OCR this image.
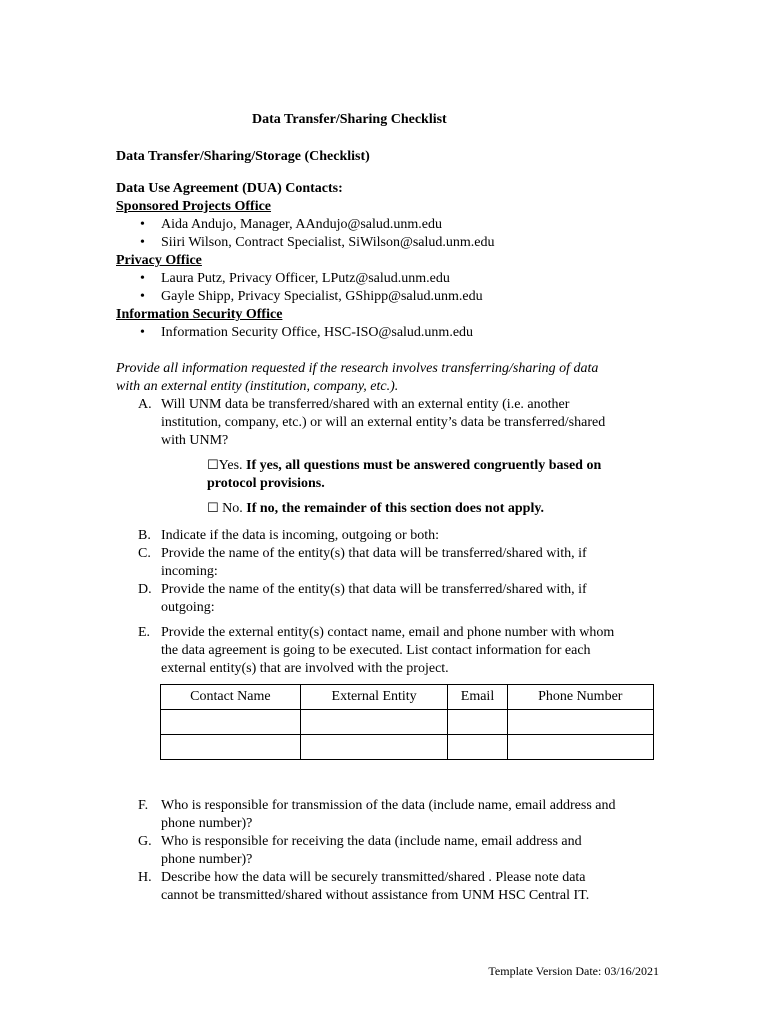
Data Transfer/Sharing Checklist
Data Transfer/Sharing/Storage (Checklist)
Data Use Agreement (DUA) Contacts:
Sponsored Projects Office
• Aida Andujo, Manager, AAndujo@salud.unm.edu
• Siiri Wilson, Contract Specialist, SiWilson@salud.unm.edu
Privacy Office
• Laura Putz, Privacy Officer, LPutz@salud.unm.edu
• Gayle Shipp, Privacy Specialist, GShipp@salud.unm.edu
Information Security Office
• Information Security Office, HSC-ISO@salud.unm.edu
Provide all information requested if the research involves transferring/sharing of data
with an external entity (institution, company, etc.).
A. Will UNM data be transferred/shared with an external entity (i.e. another
institution, company, etc.) or will an external entity’s data be transferred/shared
with UNM?
☐Yes. If yes, all questions must be answered congruently based on
protocol provisions.
☐ No. If no, the remainder of this section does not apply.
B. Indicate if the data is incoming, outgoing or both:
C. Provide the name of the entity(s) that data will be transferred/shared with, if
incoming:
D. Provide the name of the entity(s) that data will be transferred/shared with, if
outgoing:
E. Provide the external entity(s) contact name, email and phone number with whom
the data agreement is going to be executed. List contact information for each
external entity(s) that are involved with the project.
Contact Name	External Entity	Email	Phone Number

F. Who is responsible for transmission of the data (include name, email address and
phone number)?
G. Who is responsible for receiving the data (include name, email address and
phone number)?
H. Describe how the data will be securely transmitted/shared . Please note data
cannot be transmitted/shared without assistance from UNM HSC Central IT.
Template Version Date: 03/16/2021
